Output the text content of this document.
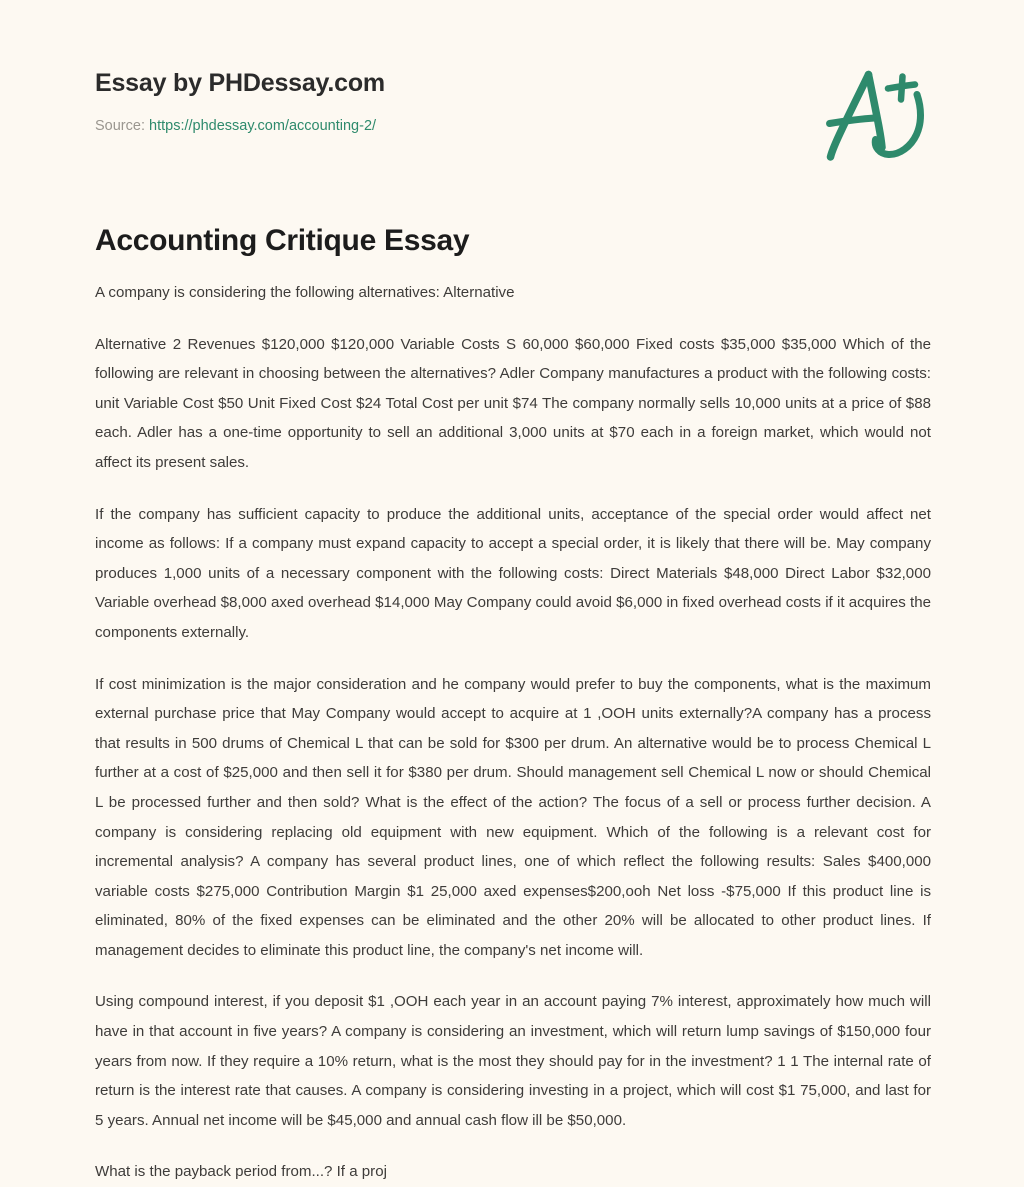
Essay by PHDessay.com
Source: https://phdessay.com/accounting-2/
Accounting Critique Essay

A company is considering the following alternatives: Alternative

Alternative 2 Revenues $120,000 $120,000 Variable Costs S 60,000 $60,000 Fixed costs $35,000 $35,000 Which of the following are relevant in choosing between the alternatives? Adler Company manufactures a product with the following costs: unit Variable Cost $50 Unit Fixed Cost $24 Total Cost per unit $74 The company normally sells 10,000 units at a price of $88 each. Adler has a one-time opportunity to sell an additional 3,000 units at $70 each in a foreign market, which would not affect its present sales.

If the company has sufficient capacity to produce the additional units, acceptance of the special order would affect net income as follows: If a company must expand capacity to accept a special order, it is likely that there will be. May company produces 1,000 units of a necessary component with the following costs: Direct Materials $48,000 Direct Labor $32,000 Variable overhead $8,000 axed overhead $14,000 May Company could avoid $6,000 in fixed overhead costs if it acquires the components externally.

If cost minimization is the major consideration and he company would prefer to buy the components, what is the maximum external purchase price that May Company would accept to acquire at 1 ,OOH units externally?A company has a process that results in 500 drums of Chemical L that can be sold for $300 per drum. An alternative would be to process Chemical L further at a cost of $25,000 and then sell it for $380 per drum. Should management sell Chemical L now or should Chemical L be processed further and then sold? What is the effect of the action? The focus of a sell or process further decision. A company is considering replacing old equipment with new equipment. Which of the following is a relevant cost for incremental analysis? A company has several product lines, one of which reflect the following results: Sales $400,000 variable costs $275,000 Contribution Margin $1 25,000 axed expenses$200,ooh Net loss -$75,000 If this product line is eliminated, 80% of the fixed expenses can be eliminated and the other 20% will be allocated to other product lines. If management decides to eliminate this product line, the company's net income will.

Using compound interest, if you deposit $1 ,OOH each year in an account paying 7% interest, approximately how much will have in that account in five years? A company is considering an investment, which will return lump savings of $150,000 four years from now. If they require a 10% return, what is the most they should pay for in the investment? 1 1 The internal rate of return is the interest rate that causes. A company is considering investing in a project, which will cost $1 75,000, and last for 5 years. Annual net income will be $45,000 and annual cash flow ill be $50,000.

What is the payback period from...? If a proj
